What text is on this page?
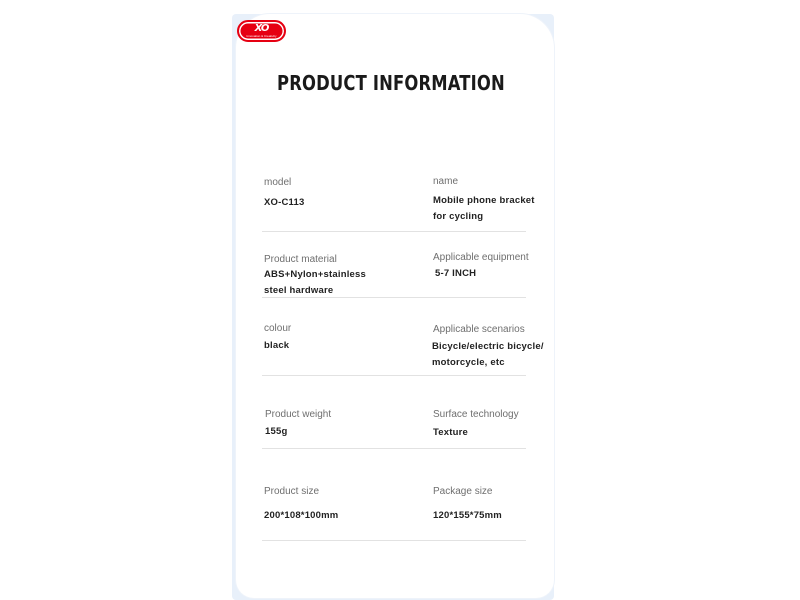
XO
Innovation & Creativity
PRODUCT INFORMATION
model
XO-C113
name
Mobile phone bracket
for cycling
Product material
ABS+Nylon+stainless
steel hardware
Applicable equipment
5-7 INCH
colour
black
Applicable scenarios
Bicycle/electric bicycle/
motorcycle, etc
Product weight
155g
Surface technology
Texture
Product size
200*108*100mm
Package size
120*155*75mm
